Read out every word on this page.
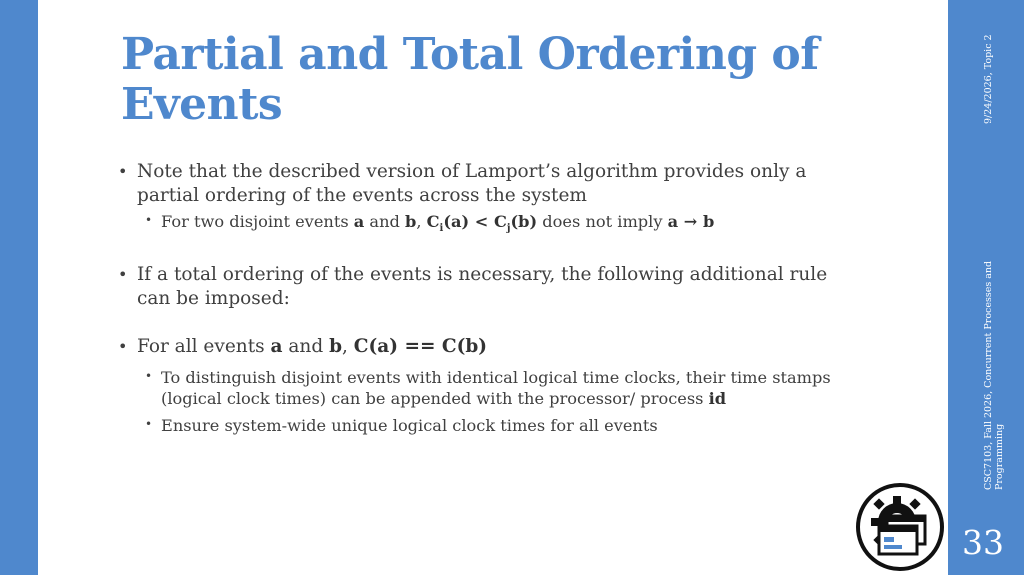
Partial and Total Ordering of Events
• Note that the described version of Lamport’s algorithm provides only a partial ordering of the events across the system
• For two disjoint events a and b, $C_i(a) < C_j(b)$ does not imply a → b
• If a total ordering of the events is necessary, the following additional rule can be imposed:
• For all events a and b, C(a) == C(b)
• To distinguish disjoint events with identical logical time clocks, their time stamps (logical clock times) can be appended with the processor/ process id
• Ensure system-wide unique logical clock times for all events
9/24/2026, Topic 2
CSC7103, Fall 2026, Concurrent Processes and Programming
33
